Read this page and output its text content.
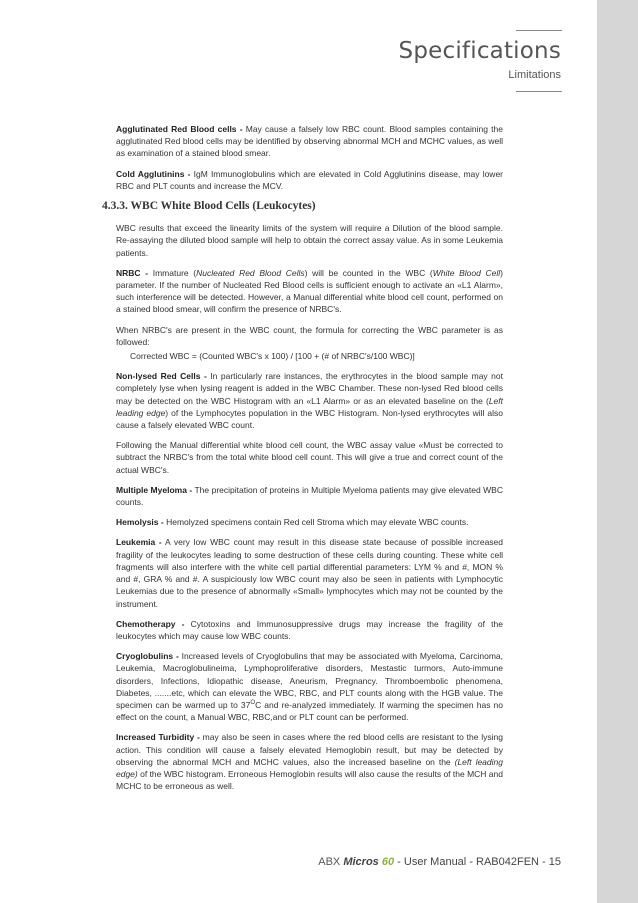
Specifications
Limitations

Agglutinated Red Blood cells - May cause a falsely low RBC count. Blood samples containing the agglutinated Red blood cells may be identified by observing abnormal MCH and MCHC values, as well as examination of a stained blood smear.

Cold Agglutinins - IgM Immunoglobulins which are elevated in Cold Agglutinins disease, may lower RBC and PLT counts and increase the MCV.

4.3.3. WBC White Blood Cells (Leukocytes)

WBC results that exceed the linearity limits of the system will require a Dilution of the blood sample. Re-assaying the diluted blood sample will help to obtain the correct assay value. As in some Leukemia patients.

NRBC - Immature (Nucleated Red Blood Cells) will be counted in the WBC (White Blood Cell) parameter. If the number of Nucleated Red Blood cells is sufficient enough to activate an «L1 Alarm», such interference will be detected. However, a Manual differential white blood cell count, performed on a stained blood smear, will confirm the presence of NRBC's.

When NRBC's are present in the WBC count, the formula for correcting the WBC parameter is as followed:

Corrected WBC = (Counted WBC's x 100) / [100 + (# of NRBC's/100 WBC)]

Non-lysed Red Cells - In particularly rare instances, the erythrocytes in the blood sample may not completely lyse when lysing reagent is added in the WBC Chamber. These non-lysed Red blood cells may be detected on the WBC Histogram with an «L1 Alarm» or as an elevated baseline on the (Left leading edge) of the Lymphocytes population in the WBC Histogram. Non-lysed erythrocytes will also cause a falsely elevated WBC count.

Following the Manual differential white blood cell count, the WBC assay value «Must be corrected to subtract the NRBC's from the total white blood cell count. This will give a true and correct count of the actual WBC's.

Multiple Myeloma - The precipitation of proteins in Multiple Myeloma patients may give elevated WBC counts.

Hemolysis - Hemolyzed specimens contain Red cell Stroma which may elevate WBC counts.

Leukemia - A very low WBC count may result in this disease state because of possible increased fragility of the leukocytes leading to some destruction of these cells during counting. These white cell fragments will also interfere with the white cell partial differential parameters: LYM % and #, MON % and #, GRA % and #. A suspiciously low WBC count may also be seen in patients with Lymphocytic Leukemias due to the presence of abnormally «Small» lymphocytes which may not be counted by the instrument.

Chemotherapy - Cytotoxins and Immunosuppressive drugs may increase the fragility of the leukocytes which may cause low WBC counts.

Cryoglobulins - Increased levels of Cryoglobulins that may be associated with Myeloma, Carcinoma, Leukemia, Macroglobulineima, Lymphoproliferative disorders, Mestastic turmors, Auto-immune disorders, Infections, Idiopathic disease, Aneurism, Pregnancy. Thromboembolic phenomena, Diabetes, .......etc, which can elevate the WBC, RBC, and PLT counts along with the HGB value. The specimen can be warmed up to $37^OC$ and re-analyzed immediately. If warming the specimen has no effect on the count, a Manual WBC, RBC,and or PLT count can be performed.

Increased Turbidity - may also be seen in cases where the red blood cells are resistant to the lysing action. This condition will cause a falsely elevated Hemoglobin result, but may be detected by observing the abnormal MCH and MCHC values, also the increased baseline on the (Left leading edge) of the WBC histogram. Erroneous Hemoglobin results will also cause the results of the MCH and MCHC to be erroneous as well.

ABX Micros 60 - User Manual - RAB042FEN - 15
